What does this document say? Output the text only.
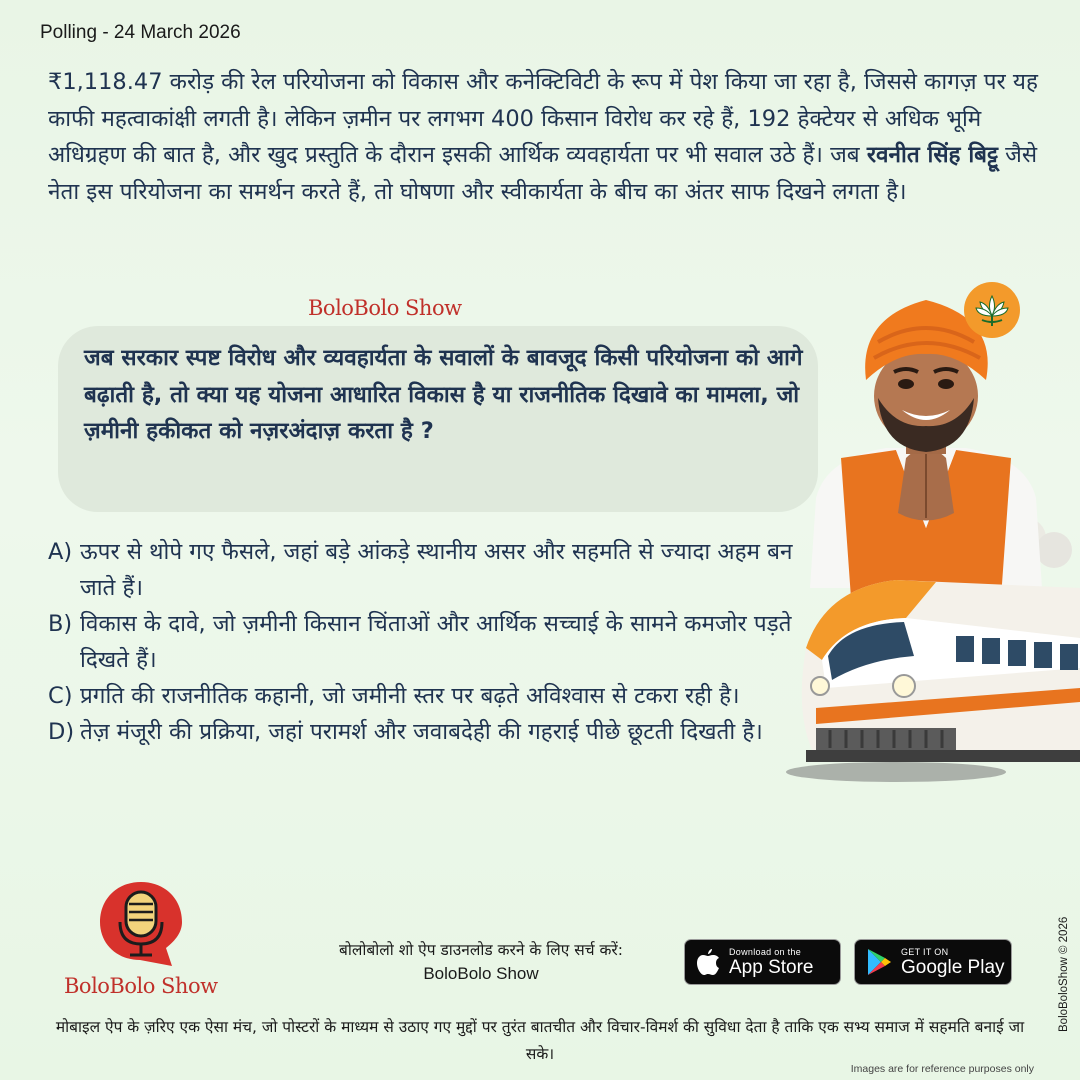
Polling - 24 March 2026

₹1,118.47 करोड़ की रेल परियोजना को विकास और कनेक्टिविटी के रूप में पेश किया जा रहा है, जिससे कागज़ पर यह काफी महत्वाकांक्षी लगती है। लेकिन ज़मीन पर लगभग 400 किसान विरोध कर रहे हैं, 192 हेक्टेयर से अधिक भूमि अधिग्रहण की बात है, और खुद प्रस्तुति के दौरान इसकी आर्थिक व्यवहार्यता पर भी सवाल उठे हैं। जब रवनीत सिंह बिट्टू जैसे नेता इस परियोजना का समर्थन करते हैं, तो घोषणा और स्वीकार्यता के बीच का अंतर साफ दिखने लगता है।

BoloBolo Show

जब सरकार स्पष्ट विरोध और व्यवहार्यता के सवालों के बावजूद किसी परियोजना को आगे बढ़ाती है, तो क्या यह योजना आधारित विकास है या राजनीतिक दिखावे का मामला, जो ज़मीनी हकीकत को नज़रअंदाज़ करता है ?

A) ऊपर से थोपे गए फैसले, जहां बड़े आंकड़े स्थानीय असर और सहमति से ज्यादा अहम बन जाते हैं।
B) विकास के दावे, जो ज़मीनी किसान चिंताओं और आर्थिक सच्चाई के सामने कमजोर पड़ते दिखते हैं।
C) प्रगति की राजनीतिक कहानी, जो जमीनी स्तर पर बढ़ते अविश्वास से टकरा रही है।
D) तेज़ मंजूरी की प्रक्रिया, जहां परामर्श और जवाबदेही की गहराई पीछे छूटती दिखती है।
BoloBolo Show
बोलोबोलो शो ऐप डाउनलोड करने के लिए सर्च करें:
BoloBolo Show
Download on the
App Store
GET IT ON
Google Play
मोबाइल ऐप के ज़रिए एक ऐसा मंच, जो पोस्टरों के माध्यम से उठाए गए मुद्दों पर तुरंत बातचीत और विचार-विमर्श की सुविधा देता है ताकि एक सभ्य समाज में सहमति बनाई जा सके।
BoloBoloShow © 2026
Images are for reference purposes only
